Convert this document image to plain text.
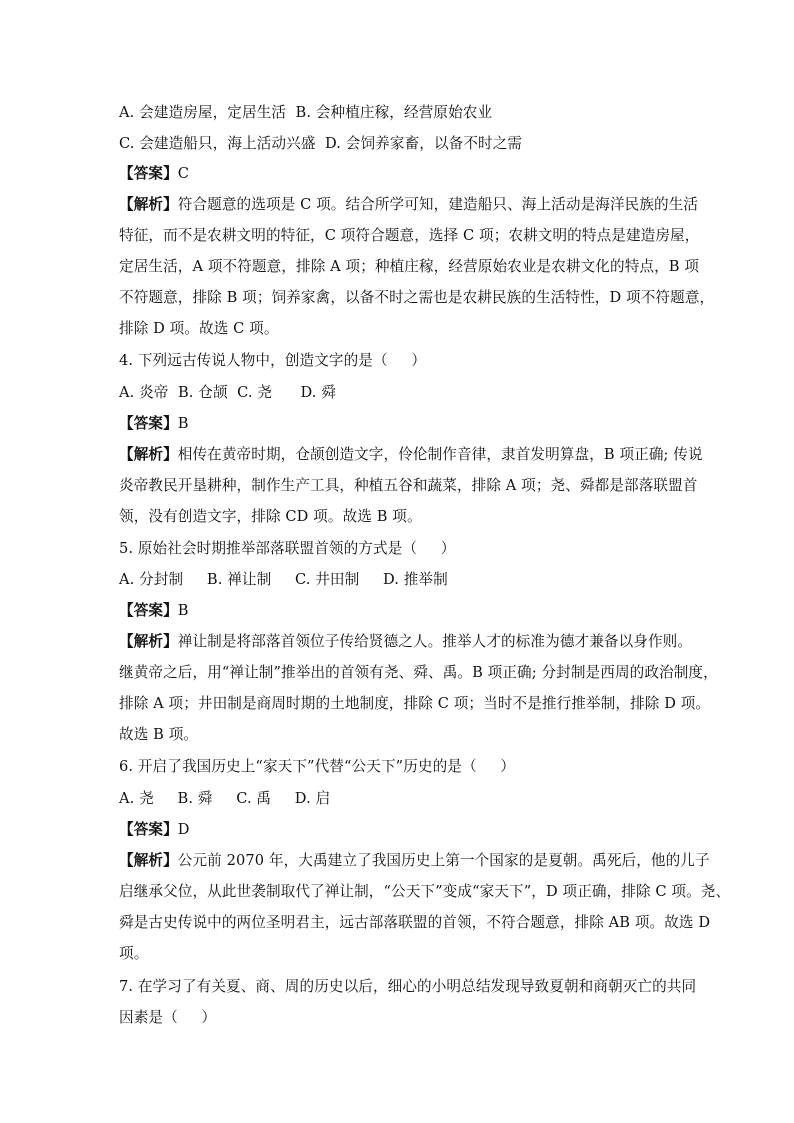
A. 会建造房屋，定居生活  B. 会种植庄稼，经营原始农业
C. 会建造船只，海上活动兴盛  D. 会饲养家畜，以备不时之需
【答案】C
【解析】符合题意的选项是 C 项。结合所学可知，建造船只、海上活动是海洋民族的生活
特征，而不是农耕文明的特征，C 项符合题意，选择 C 项；农耕文明的特点是建造房屋，
定居生活，A 项不符题意，排除 A 项；种植庄稼，经营原始农业是农耕文化的特点，B 项
不符题意，排除 B 项；饲养家禽，以备不时之需也是农耕民族的生活特性，D 项不符题意，
排除 D 项。故选 C 项。
4. 下列远古传说人物中，创造文字的是（     ）
A. 炎帝  B. 仓颉  C. 尧      D. 舜
【答案】B
【解析】相传在黄帝时期，仓颉创造文字，伶伦制作音律，隶首发明算盘，B 项正确; 传说
炎帝教民开垦耕种，制作生产工具，种植五谷和蔬菜，排除 A 项；尧、舜都是部落联盟首
领，没有创造文字，排除 CD 项。故选 B 项。
5. 原始社会时期推举部落联盟首领的方式是（     ）
A. 分封制     B. 禅让制     C. 井田制     D. 推举制
【答案】B
【解析】禅让制是将部落首领位子传给贤德之人。推举人才的标准为德才兼备以身作则。
继黄帝之后，用“禅让制”推举出的首领有尧、舜、禹。B 项正确; 分封制是西周的政治制度，
排除 A 项；井田制是商周时期的土地制度，排除 C 项；当时不是推行推举制，排除 D 项。
故选 B 项。
6. 开启了我国历史上“家天下”代替“公天下”历史的是（     ）
A. 尧     B. 舜     C. 禹     D. 启
【答案】D
【解析】公元前 2070 年，大禹建立了我国历史上第一个国家的是夏朝。禹死后，他的儿子
启继承父位，从此世袭制取代了禅让制，“公天下”变成“家天下”，D 项正确，排除 C 项。尧、
舜是古史传说中的两位圣明君主，远古部落联盟的首领，不符合题意，排除 AB 项。故选 D
项。
7. 在学习了有关夏、商、周的历史以后，细心的小明总结发现导致夏朝和商朝灭亡的共同
因素是（     ）
